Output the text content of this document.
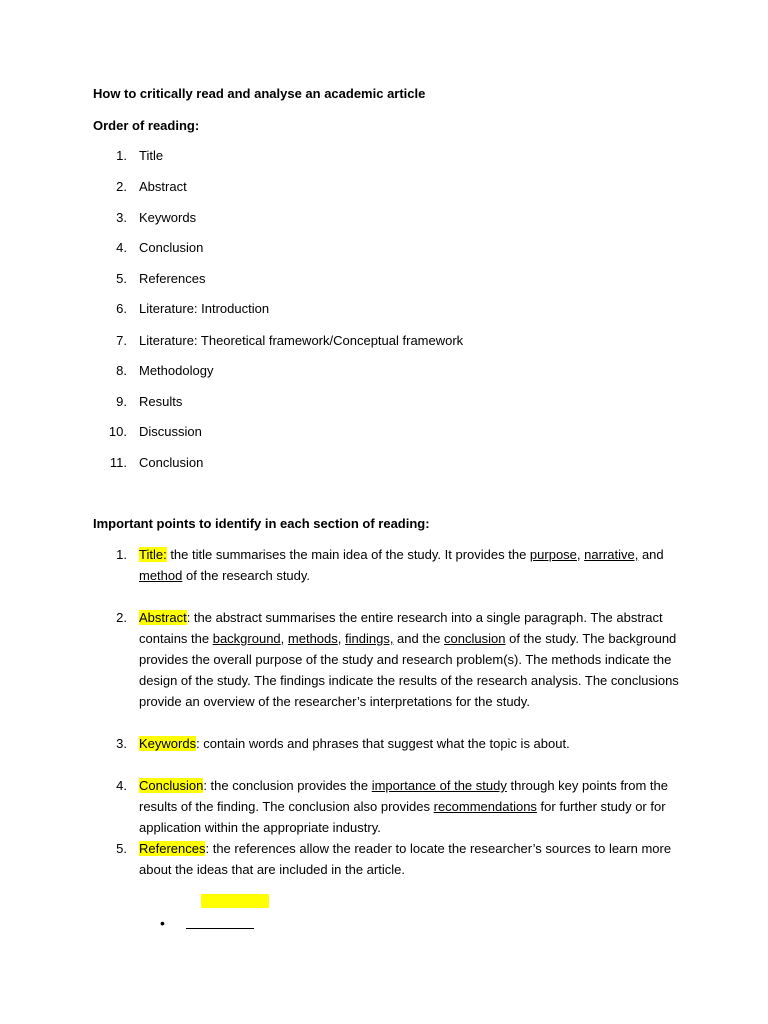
How to critically read and analyse an academic article
Order of reading:
1. Title
2. Abstract
3. Keywords
4. Conclusion
5. References
6. Literature: Introduction
7. Literature: Theoretical framework/Conceptual framework
8. Methodology
9. Results
10. Discussion
11. Conclusion
Important points to identify in each section of reading:
1. Title: the title summarises the main idea of the study. It provides the purpose, narrative, and
method of the research study.
2. Abstract: the abstract summarises the entire research into a single paragraph. The abstract
contains the background, methods, findings, and the conclusion of the study. The background
provides the overall purpose of the study and research problem(s). The methods indicate the
design of the study. The findings indicate the results of the research analysis. The conclusions
provide an overview of the researcher’s interpretations for the study.
3. Keywords: contain words and phrases that suggest what the topic is about.
4. Conclusion: the conclusion provides the importance of the study through key points from the
results of the finding. The conclusion also provides recommendations for further study or for
application within the appropriate industry.
5. References: the references allow the reader to locate the researcher’s sources to learn more
about the ideas that are included in the article.
•
